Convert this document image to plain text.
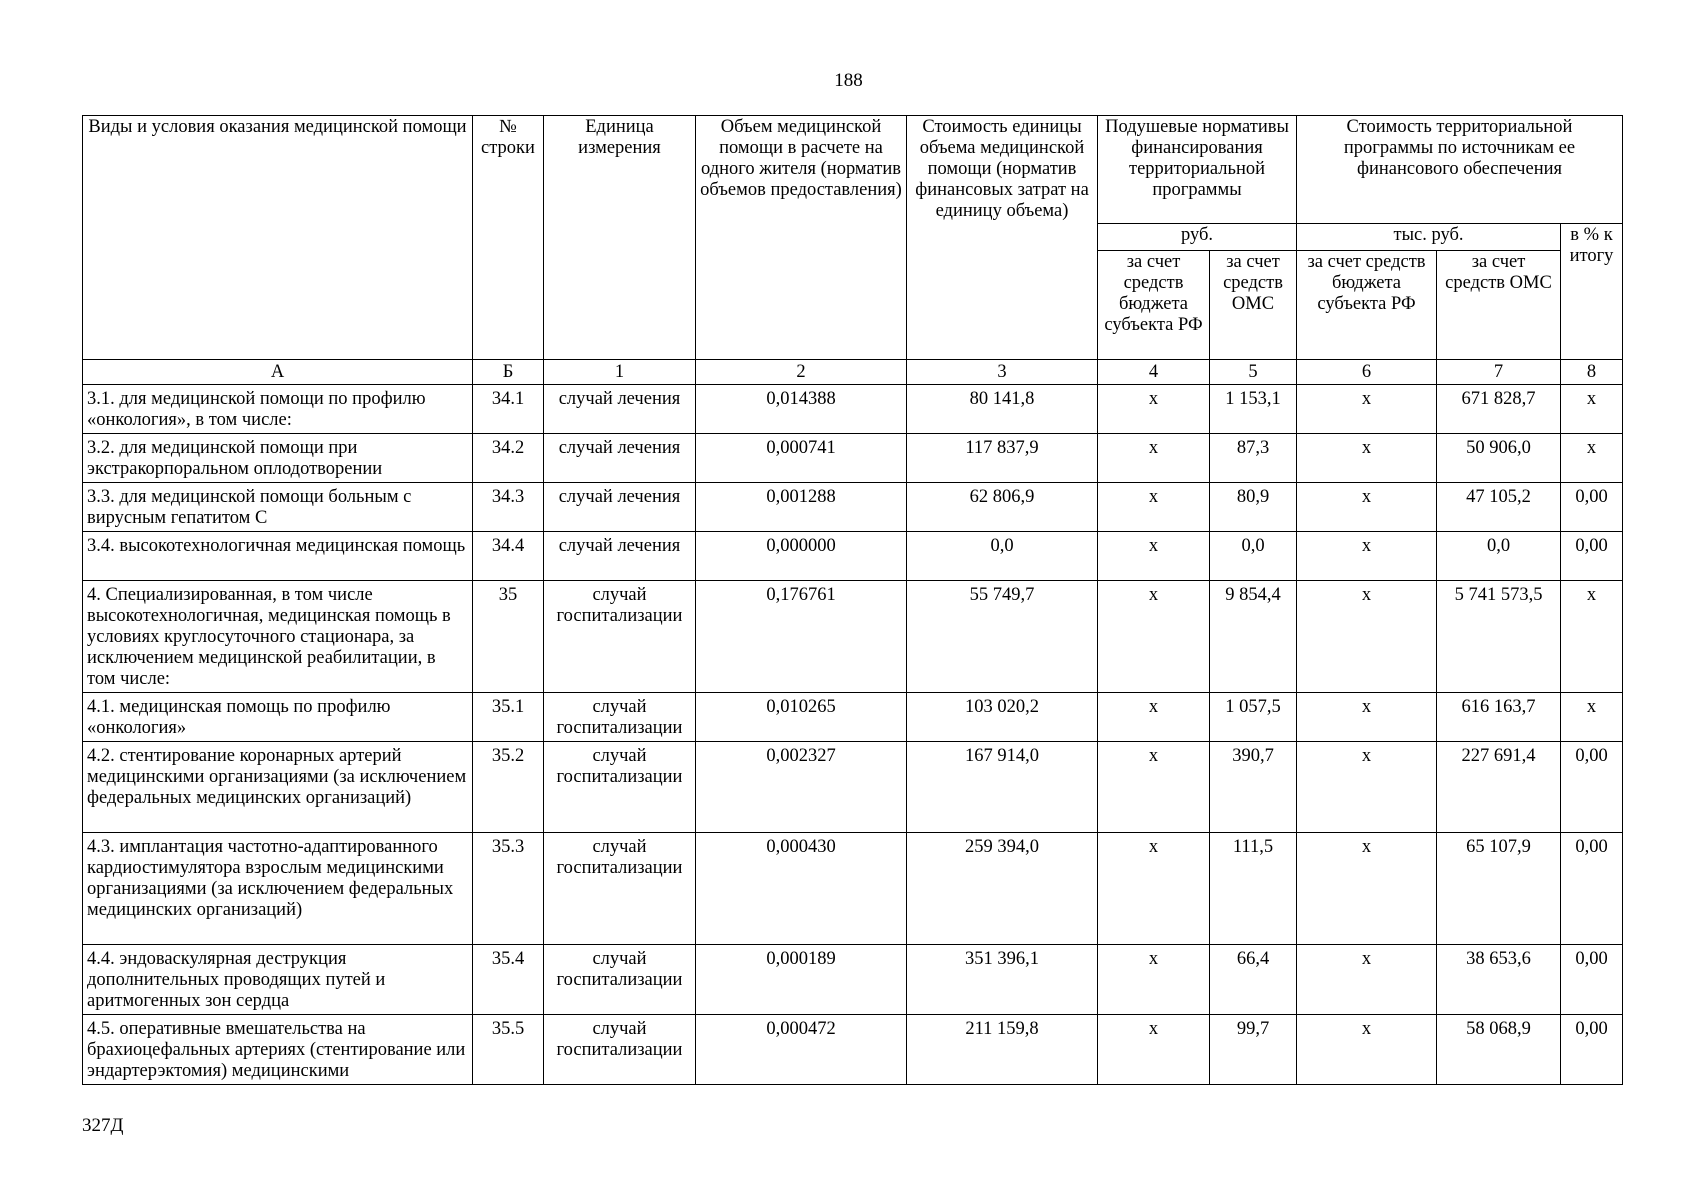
188
Виды и условия оказания медицинской помощи	№ строки	Единица измерения	Объем медицинской помощи в расчете на одного жителя (норматив объемов предоставления)	Стоимость единицы объема медицинской помощи (норматив финансовых затрат на единицу объема)	Подушевые нормативы финансирования территориальной программы		Стоимость территориальной программы по источникам ее финансового обеспечения		
					руб.		тыс. руб.		в % к итогу
					за счет средств бюджета субъекта РФ	за счет средств ОМС	за счет средств бюджета субъекта РФ	за счет средств ОМС	
А	Б	1	2	3	4	5	6	7	8
3.1. для медицинской помощи по профилю «онкология», в том числе:	34.1	случай лечения	0,014388	80 141,8	х	1 153,1	х	671 828,7	х
3.2. для медицинской помощи при экстракорпоральном оплодотворении	34.2	случай лечения	0,000741	117 837,9	х	87,3	х	50 906,0	х
3.3. для медицинской помощи больным с вирусным гепатитом С	34.3	случай лечения	0,001288	62 806,9	х	80,9	х	47 105,2	0,00
3.4. высокотехнологичная медицинская помощь	34.4	случай лечения	0,000000	0,0	х	0,0	х	0,0	0,00
4. Специализированная, в том числе высокотехнологичная, медицинская помощь в условиях круглосуточного стационара, за исключением медицинской реабилитации, в том числе:	35	случай госпитализации	0,176761	55 749,7	х	9 854,4	х	5 741 573,5	х
4.1. медицинская помощь по профилю «онкология»	35.1	случай госпитализации	0,010265	103 020,2	х	1 057,5	х	616 163,7	х
4.2. стентирование коронарных артерий медицинскими организациями (за исключением федеральных медицинских организаций)	35.2	случай госпитализации	0,002327	167 914,0	х	390,7	х	227 691,4	0,00
4.3. имплантация частотно-адаптированного кардиостимулятора взрослым медицинскими организациями (за исключением федеральных медицинских организаций)	35.3	случай госпитализации	0,000430	259 394,0	х	111,5	х	65 107,9	0,00
4.4. эндоваскулярная деструкция дополнительных проводящих путей и аритмогенных зон сердца	35.4	случай госпитализации	0,000189	351 396,1	х	66,4	х	38 653,6	0,00
4.5. оперативные вмешательства на брахиоцефальных артериях (стентирование или эндартерэктомия) медицинскими	35.5	случай госпитализации	0,000472	211 159,8	х	99,7	х	58 068,9	0,00
327Д
